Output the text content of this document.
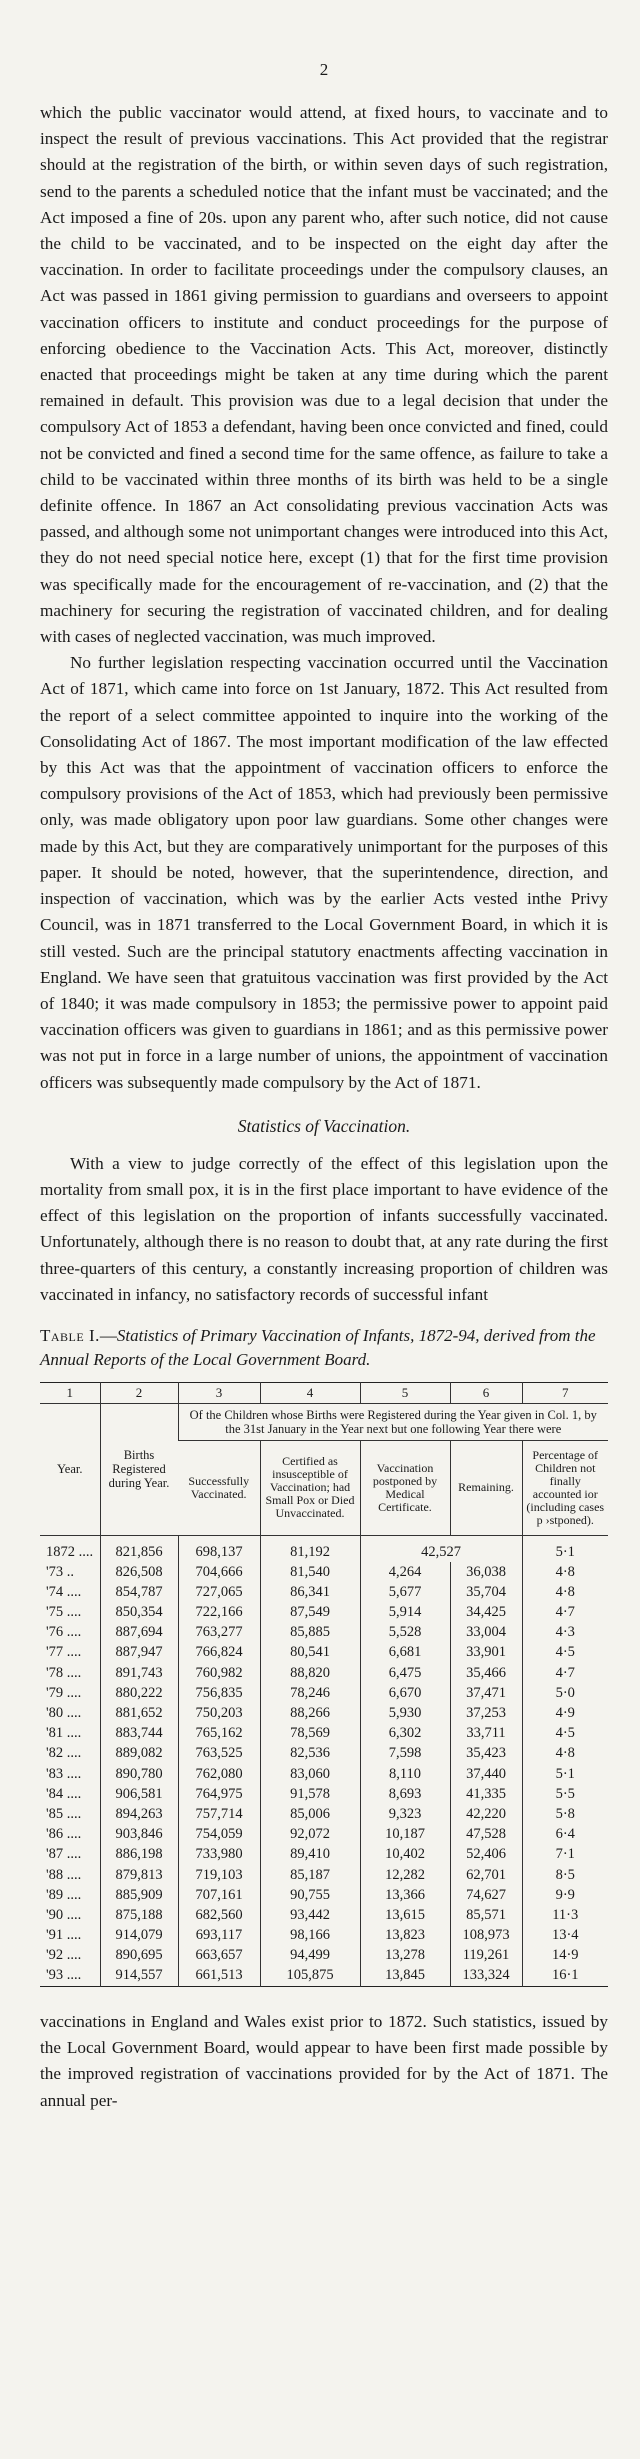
2

which the public vaccinator would attend, at fixed hours, to vaccinate and to inspect the result of previous vaccinations. This Act provided that the registrar should at the registration of the birth, or within seven days of such registration, send to the parents a scheduled notice that the infant must be vaccinated; and the Act imposed a fine of 20s. upon any parent who, after such notice, did not cause the child to be vaccinated, and to be inspected on the eight day after the vaccination. In order to facilitate proceedings under the compulsory clauses, an Act was passed in 1861 giving permission to guardians and overseers to appoint vaccination officers to institute and conduct proceedings for the purpose of enforcing obedience to the Vaccination Acts. This Act, moreover, distinctly enacted that proceedings might be taken at any time during which the parent remained in default. This provision was due to a legal decision that under the compulsory Act of 1853 a defendant, having been once convicted and fined, could not be convicted and fined a second time for the same offence, as failure to take a child to be vaccinated within three months of its birth was held to be a single definite offence. In 1867 an Act consolidating previous vaccination Acts was passed, and although some not unimportant changes were introduced into this Act, they do not need special notice here, except (1) that for the first time provision was specifically made for the encouragement of re-vaccination, and (2) that the machinery for securing the registration of vaccinated children, and for dealing with cases of neglected vaccination, was much improved.

No further legislation respecting vaccination occurred until the Vaccination Act of 1871, which came into force on 1st January, 1872. This Act resulted from the report of a select committee appointed to inquire into the working of the Consolidating Act of 1867. The most important modification of the law effected by this Act was that the appointment of vaccination officers to enforce the compulsory provisions of the Act of 1853, which had previously been permissive only, was made obligatory upon poor law guardians. Some other changes were made by this Act, but they are comparatively unimportant for the purposes of this paper. It should be noted, however, that the superintendence, direction, and inspection of vaccination, which was by the earlier Acts vested inthe Privy Council, was in 1871 transferred to the Local Government Board, in which it is still vested. Such are the principal statutory enactments affecting vaccination in England. We have seen that gratuitous vaccination was first provided by the Act of 1840; it was made compulsory in 1853; the permissive power to appoint paid vaccination officers was given to guardians in 1861; and as this permissive power was not put in force in a large number of unions, the appointment of vaccination officers was subsequently made compulsory by the Act of 1871.

Statistics of Vaccination.

With a view to judge correctly of the effect of this legislation upon the mortality from small pox, it is in the first place important to have evidence of the effect of this legislation on the proportion of infants successfully vaccinated. Unfortunately, although there is no reason to doubt that, at any rate during the first three-quarters of this century, a constantly increasing proportion of children was vaccinated in infancy, no satisfactory records of successful infant

Table I.—Statistics of Primary Vaccination of Infants, 1872-94, derived from the Annual Reports of the Local Government Board.
1	2	3	4	5	6	7
Year.	Births Registered during Year.	Of the Children whose Births were Registered during the Year given in Col. 1, by the 31st January in the Year next but one following Year there were				
		Successfully Vaccinated.	Certified as insusceptible of Vaccination; had Small Pox or Died Unvaccinated.	Vaccination postponed by Medical Certificate.	Remaining.	Percentage of Children not finally accounted ior (including cases p ›stponed).
1872 ....	821,856	698,137	81,192	42,527		5·1
'73 ..	826,508	704,666	81,540	4,264	36,038	4·8
'74 ....	854,787	727,065	86,341	5,677	35,704	4·8
'75 ....	850,354	722,166	87,549	5,914	34,425	4·7
'76 ....	887,694	763,277	85,885	5,528	33,004	4·3
'77 ....	887,947	766,824	80,541	6,681	33,901	4·5
'78 ....	891,743	760,982	88,820	6,475	35,466	4·7
'79 ....	880,222	756,835	78,246	6,670	37,471	5·0
'80 ....	881,652	750,203	88,266	5,930	37,253	4·9
'81 ....	883,744	765,162	78,569	6,302	33,711	4·5
'82 ....	889,082	763,525	82,536	7,598	35,423	4·8
'83 ....	890,780	762,080	83,060	8,110	37,440	5·1
'84 ....	906,581	764,975	91,578	8,693	41,335	5·5
'85 ....	894,263	757,714	85,006	9,323	42,220	5·8
'86 ....	903,846	754,059	92,072	10,187	47,528	6·4
'87 ....	886,198	733,980	89,410	10,402	52,406	7·1
'88 ....	879,813	719,103	85,187	12,282	62,701	8·5
'89 ....	885,909	707,161	90,755	13,366	74,627	9·9
'90 ....	875,188	682,560	93,442	13,615	85,571	11·3
'91 ....	914,079	693,117	98,166	13,823	108,973	13·4
'92 ....	890,695	663,657	94,499	13,278	119,261	14·9
'93 ....	914,557	661,513	105,875	13,845	133,324	16·1

vaccinations in England and Wales exist prior to 1872. Such statistics, issued by the Local Government Board, would appear to have been first made possible by the improved registration of vaccinations provided for by the Act of 1871. The annual per-
